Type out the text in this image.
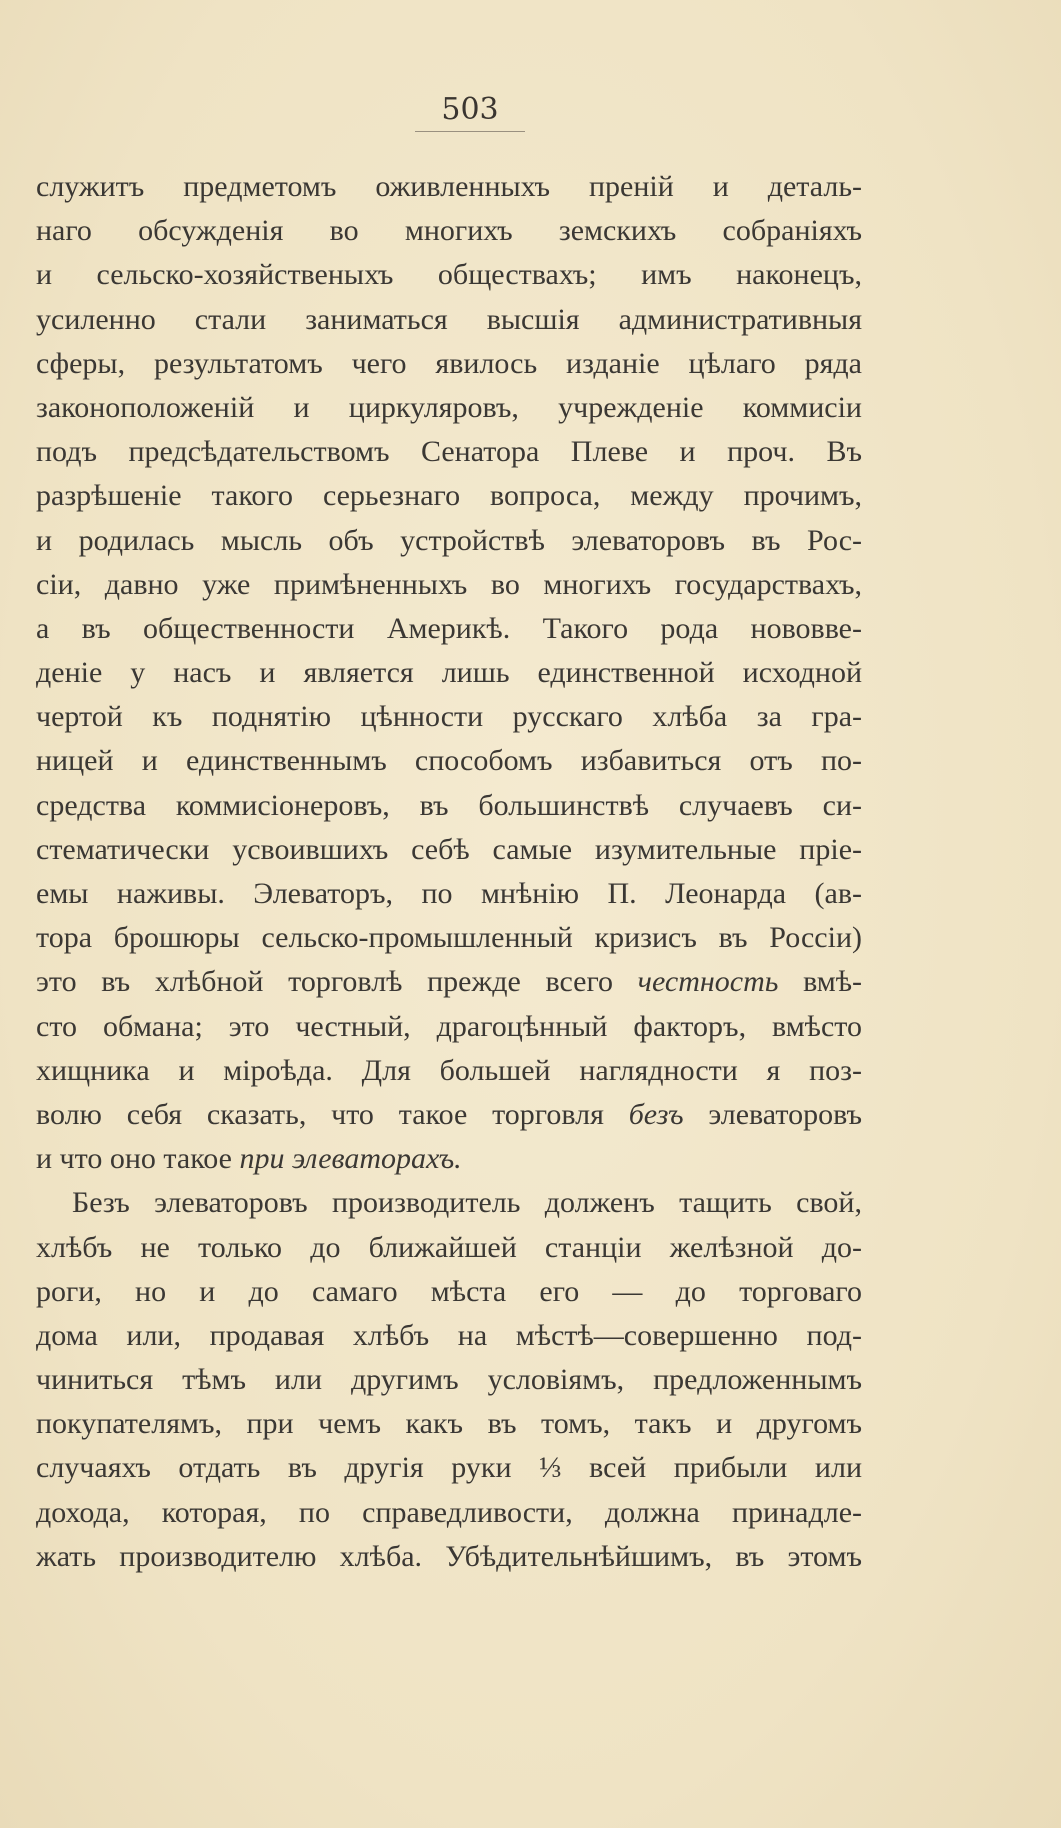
503
служитъ предметомъ оживленныхъ преній и деталь-
наго обсужденія во многихъ земскихъ собраніяхъ
и сельско-хозяйственыхъ обществахъ; имъ наконецъ,
усиленно стали заниматься высшія административныя
сферы, результатомъ чего явилось изданіе цѣлаго ряда
законоположеній и циркуляровъ, учрежденіе коммисіи
подъ предсѣдательствомъ Сенатора Плеве и проч. Въ
разрѣшеніе такого серьезнаго вопроса, между прочимъ,
и родилась мысль объ устройствѣ элеваторовъ въ Рос-
сіи, давно уже примѣненныхъ во многихъ государствахъ,
а въ общественности Америкѣ. Такого рода нововве-
деніе у насъ и является лишь единственной исходной
чертой къ поднятію цѣнности русскаго хлѣба за гра-
ницей и единственнымъ способомъ избавиться отъ по-
средства коммисіонеровъ, въ большинствѣ случаевъ си-
стематически усвоившихъ себѣ самые изумительные пріе-
емы наживы. Элеваторъ, по мнѣнію П. Леонарда (ав-
тора брошюры сельско-промышленный кризисъ въ Россіи)
это въ хлѣбной торговлѣ прежде всего честность вмѣ-
сто обмана; это честный, драгоцѣнный факторъ, вмѣсто
хищника и міроѣда. Для большей наглядности я поз-
волю себя сказать, что такое торговля безъ элеваторовъ
и что оно такое при элеваторахъ.
Безъ элеваторовъ производитель долженъ тащить свой,
хлѣбъ не только до ближайшей станціи желѣзной до-
роги, но и до самаго мѣста его — до торговаго
дома или, продавая хлѣбъ на мѣстѣ—совершенно под-
чиниться тѣмъ или другимъ условіямъ, предложеннымъ
покупателямъ, при чемъ какъ въ томъ, такъ и другомъ
случаяхъ отдать въ другія руки ⅓ всей прибыли или
дохода, которая, по справедливости, должна принадле-
жать производителю хлѣба. Убѣдительнѣйшимъ, въ этомъ
